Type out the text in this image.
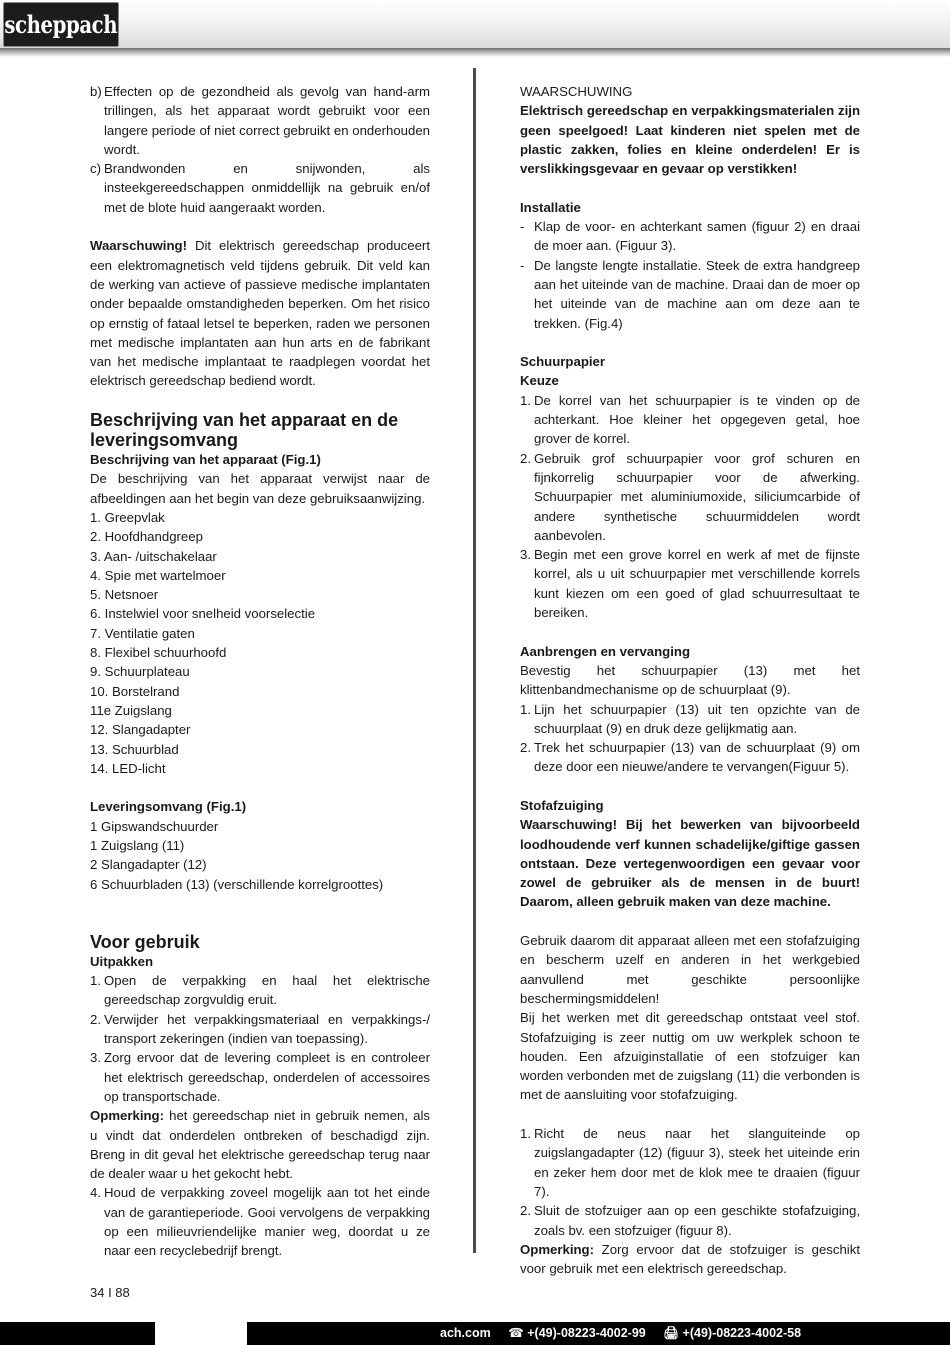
scheppach
b) Effecten op de gezondheid als gevolg van hand-arm trillingen, als het apparaat wordt gebruikt voor een langere periode of niet correct gebruikt en onderhouden wordt.
c) Brandwonden en snijwonden, als insteekgereedschappen onmiddellijk na gebruik en/of met de blote huid aangeraakt worden.

Waarschuwing! Dit elektrisch gereedschap produceert een elektromagnetisch veld tijdens gebruik. Dit veld kan de werking van actieve of passieve medische implantaten onder bepaalde omstandigheden beperken. Om het risico op ernstig of fataal letsel te beperken, raden we personen met medische implantaten aan hun arts en de fabrikant van het medische implantaat te raadplegen voordat het elektrisch gereedschap bediend wordt.

Beschrijving van het apparaat en de leveringsomvang

Beschrijving van het apparaat (Fig.1)

De beschrijving van het apparaat verwijst naar de afbeeldingen aan het begin van deze gebruiksaanwijzing.

1. Greepvlak
2. Hoofdhandgreep
3. Aan- /uitschakelaar
4. Spie met wartelmoer
5. Netsnoer
6. Instelwiel voor snelheid voorselectie
7. Ventilatie gaten
8. Flexibel schuurhoofd
9. Schuurplateau
10. Borstelrand
11e Zuigslang
12. Slangadapter
13. Schuurblad
14. LED-licht

Leveringsomvang (Fig.1)

1 Gipswandschuurder
1 Zuigslang (11)
2 Slangadapter (12)
6 Schuurbladen (13) (verschillende korrelgroottes)
Voor gebruik

Uitpakken

1. Open de verpakking en haal het elektrische gereedschap zorgvuldig eruit.
2. Verwijder het verpakkingsmateriaal en verpakkings-/ transport zekeringen (indien van toepassing).
3. Zorg ervoor dat de levering compleet is en controleer het elektrisch gereedschap, onderdelen of accessoires op transportschade.

Opmerking: het gereedschap niet in gebruik nemen, als u vindt dat onderdelen ontbreken of beschadigd zijn. Breng in dit geval het elektrische gereedschap terug naar de dealer waar u het gekocht hebt.

4. Houd de verpakking zoveel mogelijk aan tot het einde van de garantieperiode. Gooi vervolgens de verpakking op een milieuvriendelijke manier weg, doordat u ze naar een recyclebedrijf brengt.

WAARSCHUWING

Elektrisch gereedschap en verpakkingsmaterialen zijn geen speelgoed! Laat kinderen niet spelen met de plastic zakken, folies en kleine onderdelen! Er is verslikkingsgevaar en gevaar op verstikken!

Installatie

- Klap de voor- en achterkant samen (figuur 2) en draai de moer aan. (Figuur 3).
- De langste lengte installatie. Steek de extra handgreep aan het uiteinde van de machine. Draai dan de moer op het uiteinde van de machine aan om deze aan te trekken. (Fig.4)

Schuurpapier

Keuze

1. De korrel van het schuurpapier is te vinden op de achterkant. Hoe kleiner het opgegeven getal, hoe grover de korrel.
2. Gebruik grof schuurpapier voor grof schuren en fijnkorrelig schuurpapier voor de afwerking. Schuurpapier met aluminiumoxide, siliciumcarbide of andere synthetische schuurmiddelen wordt aanbevolen.
3. Begin met een grove korrel en werk af met de fijnste korrel, als u uit schuurpapier met verschillende korrels kunt kiezen om een goed of glad schuurresultaat te bereiken.

Aanbrengen en vervanging

Bevestig het schuurpapier (13) met het klittenbandmechanisme op de schuurplaat (9).

1. Lijn het schuurpapier (13) uit ten opzichte van de schuurplaat (9) en druk deze gelijkmatig aan.
2. Trek het schuurpapier (13) van de schuurplaat (9) om deze door een nieuwe/andere te vervangen(Figuur 5).

Stofafzuiging

Waarschuwing! Bij het bewerken van bijvoorbeeld loodhoudende verf kunnen schadelijke/giftige gassen ontstaan. Deze vertegenwoordigen een gevaar voor zowel de gebruiker als de mensen in de buurt! Daarom, alleen gebruik maken van deze machine.

Gebruik daarom dit apparaat alleen met een stofafzuiging en bescherm uzelf en anderen in het werkgebied aanvullend met geschikte persoonlijke beschermingsmiddelen!

Bij het werken met dit gereedschap ontstaat veel stof. Stofafzuiging is zeer nuttig om uw werkplek schoon te houden. Een afzuiginstallatie of een stofzuiger kan worden verbonden met de zuigslang (11) die verbonden is met de aansluiting voor stofafzuiging.

1. Richt de neus naar het slanguiteinde op zuigslangadapter (12) (figuur 3), steek het uiteinde erin en zeker hem door met de klok mee te draaien (figuur 7).
2. Sluit de stofzuiger aan op een geschikte stofafzuiging, zoals bv. een stofzuiger (figuur 8).

Opmerking: Zorg ervoor dat de stofzuiger is geschikt voor gebruik met een elektrisch gereedschap.

34 I 88
ach.com ☎ +(49)-08223-4002-99 🖨 +(49)-08223-4002-58
